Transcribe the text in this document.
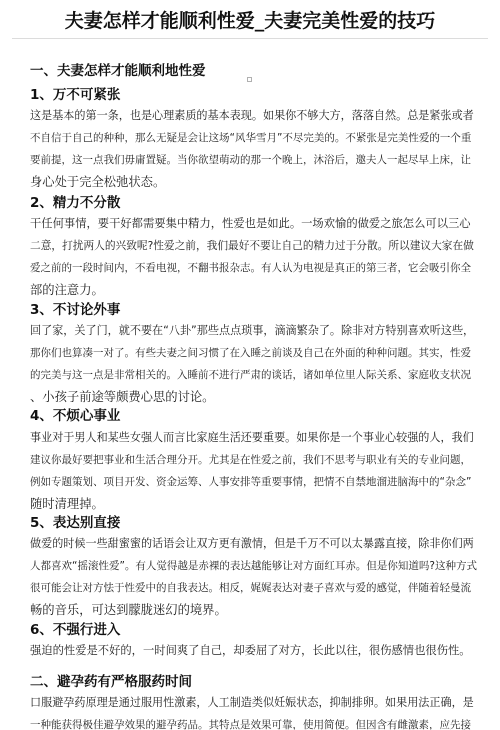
夫妻怎样才能顺利性爱_夫妻完美性爱的技巧
一、夫妻怎样才能顺利地性爱
1、万不可紧张
这是基本的第一条，也是心理素质的基本表现。如果你不够大方，落落自然。总是紧张或者
不自信于自己的种种，那么无疑是会让这场“风华雪月”不尽完美的。不紧张是完美性爱的一个重
要前提，这一点我们毋庸置疑。当你欲望萌动的那一个晚上，沐浴后，邀夫人一起尽早上床，让
身心处于完全松弛状态。
2、精力不分散
干任何事情，要干好都需要集中精力，性爱也是如此。一场欢愉的做爱之旅怎么可以三心
二意，打扰两人的兴致呢?性爱之前，我们最好不要让自己的精力过于分散。所以建议大家在做
爱之前的一段时间内，不看电视，不翻书报杂志。有人认为电视是真正的第三者，它会吸引你全
部的注意力。
3、不讨论外事
回了家，关了门，就不要在“八卦”那些点点琐事，滴滴繁杂了。除非对方特别喜欢听这些，
那你们也算凑一对了。有些夫妻之间习惯了在入睡之前谈及自己在外面的种种问题。其实，性爱
的完美与这一点是非常相关的。入睡前不进行严肃的谈话，诸如单位里人际关系、家庭收支状况
、小孩子前途等颇费心思的讨论。
4、不烦心事业
事业对于男人和某些女强人而言比家庭生活还要重要。如果你是一个事业心较强的人，我们
建议你最好要把事业和生活合理分开。尤其是在性爱之前，我们不思考与职业有关的专业问题，
例如专题策划、项目开发、资金运筹、人事安排等重要事情，把情不自禁地溜进脑海中的“杂念”
随时清理掉。
5、表达别直接
做爱的时候一些甜蜜蜜的话语会让双方更有激情，但是千万不可以太暴露直接，除非你们两
人都喜欢“摇滚性爱”。有人觉得越是赤裸的表达越能够让对方面红耳赤。但是你知道吗?这种方式
很可能会让对方怯于性爱中的自我表达。相反，娓娓表达对妻子喜欢与爱的感觉，伴随着轻曼流
畅的音乐，可达到朦胧迷幻的境界。
6、不强行进入
强迫的性爱是不好的，一时间爽了自己，却委屈了对方，长此以往，很伤感情也很伤性。
二、避孕药有严格服药时间
口服避孕药原理是通过服用性激素，人工制造类似妊娠状态，抑制排卵。如果用法正确，是
一种能获得极佳避孕效果的避孕药品。其特点是效果可靠，使用简便。但因含有雌激素，应先接
